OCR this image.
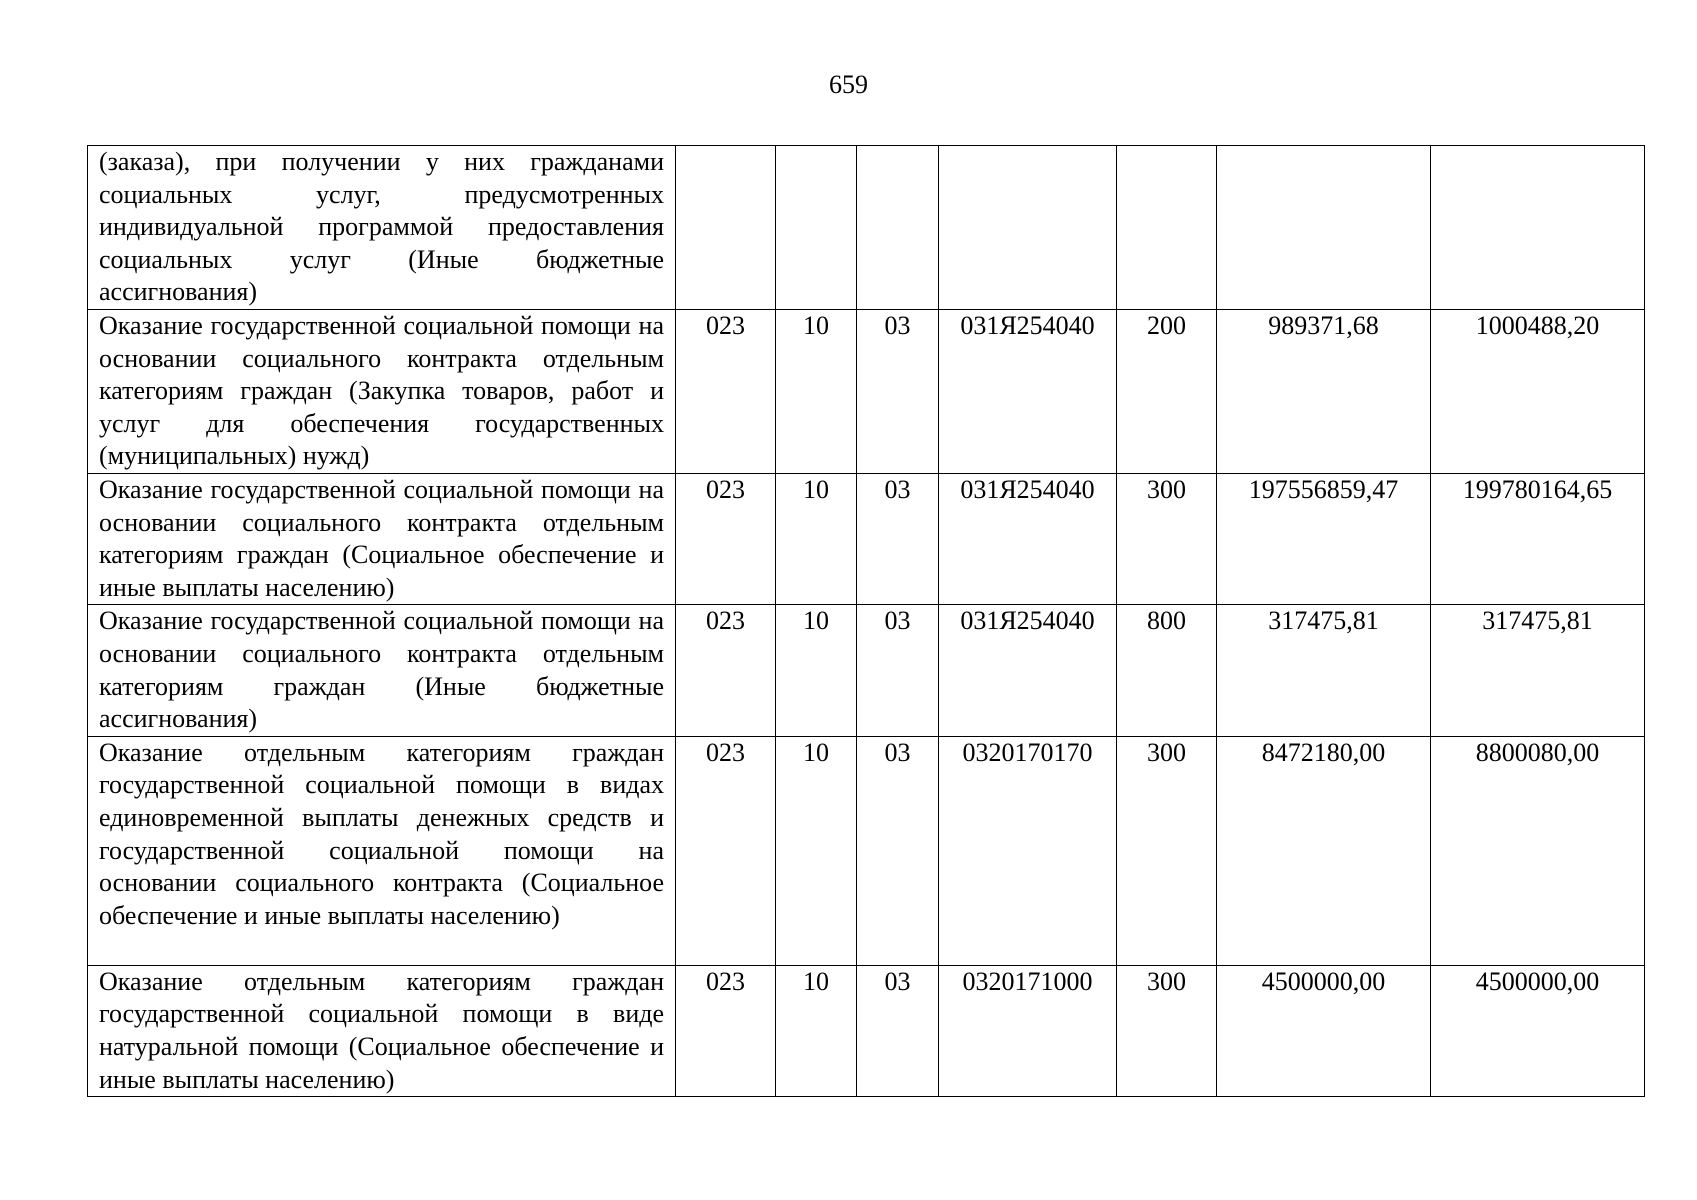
659
(заказа), при получении у них гражданами социальных услуг, предусмотренных индивидуальной программой предоставления социальных услуг (Иные бюджетные ассигнования)							
Оказание государственной социальной помощи на основании социального контракта отдельным категориям граждан (Закупка товаров, работ и услуг для обеспечения государственных (муниципальных) нужд)	023	10	03	031Я254040	200	989371,68	1000488,20
Оказание государственной социальной помощи на основании социального контракта отдельным категориям граждан (Социальное обеспечение и иные выплаты населению)	023	10	03	031Я254040	300	197556859,47	199780164,65
Оказание государственной социальной помощи на основании социального контракта отдельным категориям граждан (Иные бюджетные ассигнования)	023	10	03	031Я254040	800	317475,81	317475,81
Оказание отдельным категориям граждан государственной социальной помощи в видах единовременной выплаты денежных средств и государственной социальной помощи на основании социального контракта (Социальное обеспечение и иные выплаты населению)	023	10	03	0320170170	300	8472180,00	8800080,00
Оказание отдельным категориям граждан государственной социальной помощи в виде натуральной помощи (Социальное обеспечение и иные выплаты населению)	023	10	03	0320171000	300	4500000,00	4500000,00
